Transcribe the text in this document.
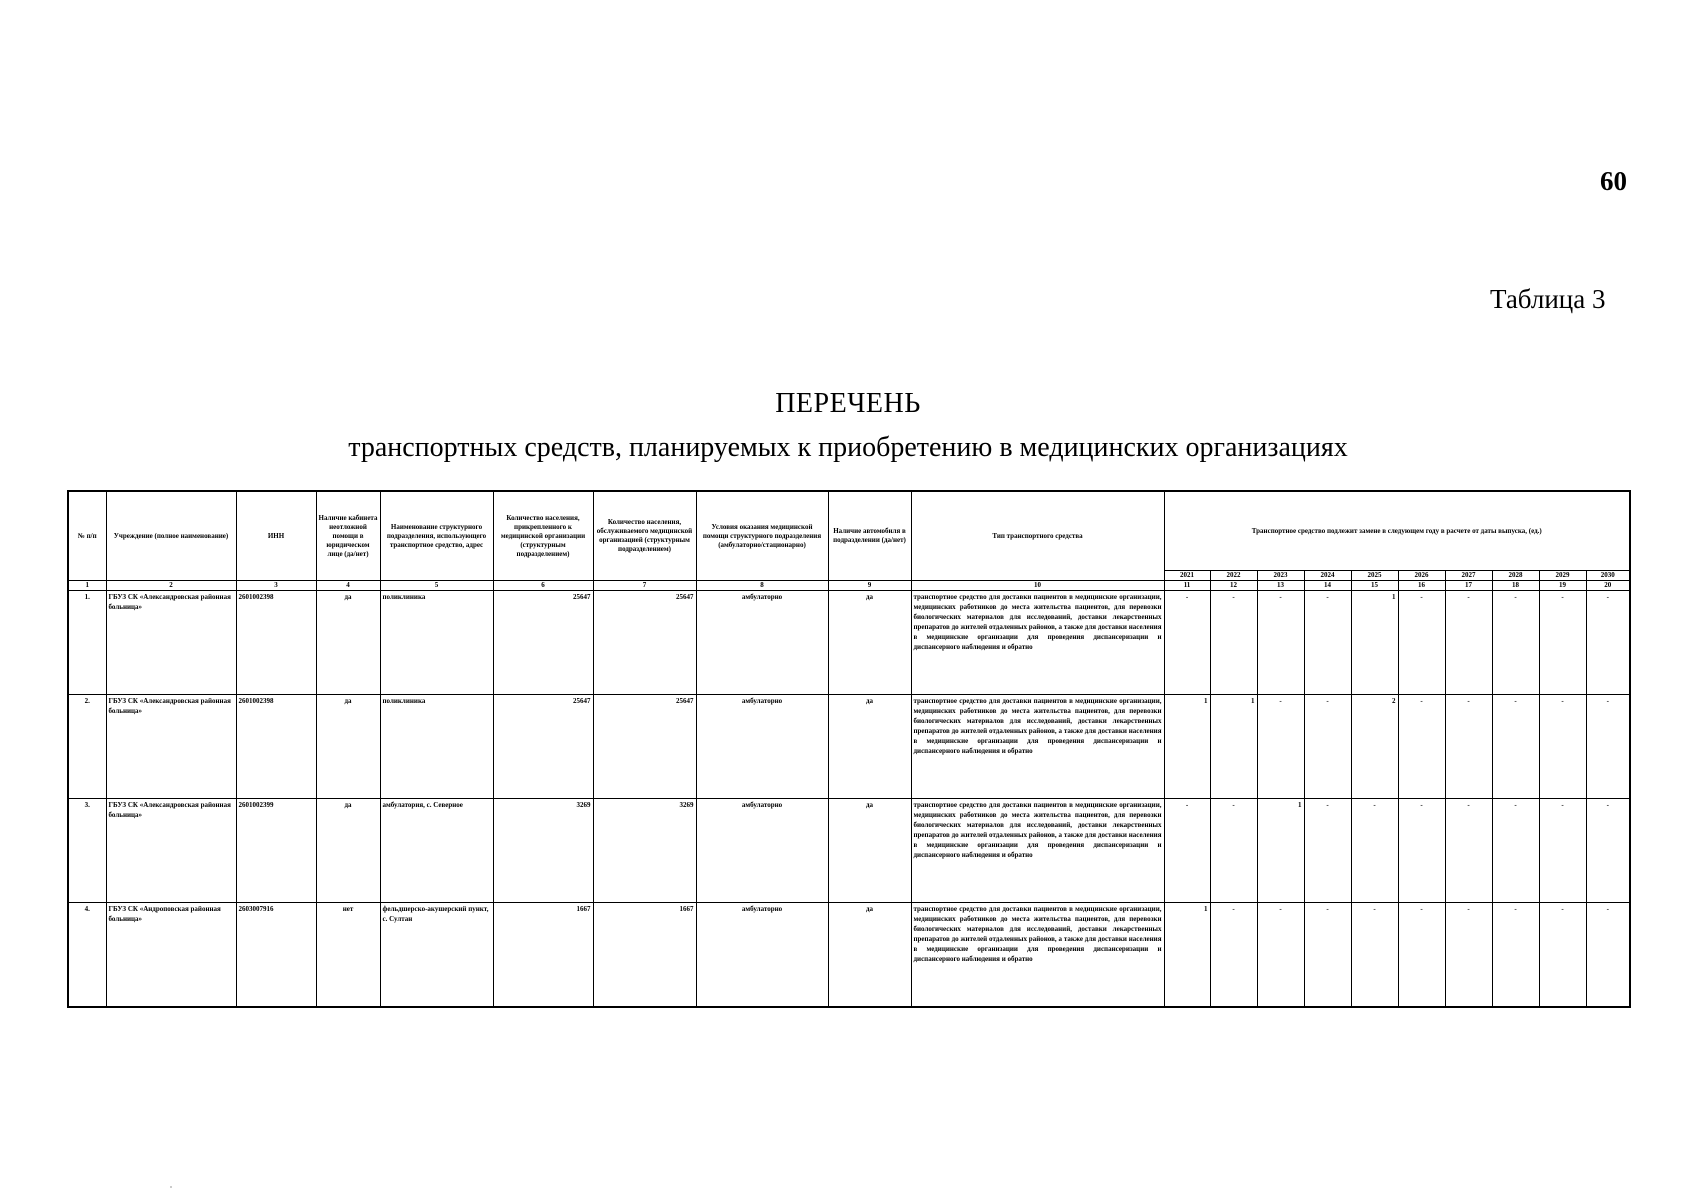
60
Таблица 3
ПЕРЕЧЕНЬ
транспортных средств, планируемых к приобретению в медицинских организациях
№ п/п	Учреждение (полное наименование)	ИНН	Наличие кабинета неотложной помощи в юридическом лице (да/нет)	Наименование структурного подразделения, использующего транспортное средство, адрес	Количество населения, прикрепленного к медицинской организации (структурным подразделением)	Количество населения, обслуживаемого медицинской организацией (структурным подразделением)	Условия оказания медицинской помощи структурного подразделения (амбулаторно/стационарно)	Наличие автомобиля в подразделении (да/нет)	Тип транспортного средства	Транспортное средство подлежит замене в следующем году в расчете от даты выпуска, (ед.)									
										2021	2022	2023	2024	2025	2026	2027	2028	2029	2030
1	2	3	4	5	6	7	8	9	10	11	12	13	14	15	16	17	18	19	20
1.	ГБУЗ СК «Александровская районная больница»	2601002398	да	поликлиника	25647	25647	амбулаторно	да	транспортное средство для доставки пациентов в медицинские организации, медицинских работников до места жительства пациентов, для перевозки биологических материалов для исследований, доставки лекарственных препаратов до жителей отдаленных районов, а также для доставки населения в медицинские организации для проведения диспансеризации и диспансерного наблюдения и обратно	-	-	-	-	1	-	-	-	-	-
2.	ГБУЗ СК «Александровская районная больница»	2601002398	да	поликлиника	25647	25647	амбулаторно	да	транспортное средство для доставки пациентов в медицинские организации, медицинских работников до места жительства пациентов, для перевозки биологических материалов для исследований, доставки лекарственных препаратов до жителей отдаленных районов, а также для доставки населения в медицинские организации для проведения диспансеризации и диспансерного наблюдения и обратно	1	1	-	-	2	-	-	-	-	-
3.	ГБУЗ СК «Александровская районная больница»	2601002399	да	амбулатория, с. Северное	3269	3269	амбулаторно	да	транспортное средство для доставки пациентов в медицинские организации, медицинских работников до места жительства пациентов, для перевозки биологических материалов для исследований, доставки лекарственных препаратов до жителей отдаленных районов, а также для доставки населения в медицинские организации для проведения диспансеризации и диспансерного наблюдения и обратно	-	-	1	-	-	-	-	-	-	-
4.	ГБУЗ СК «Андроповская районная больница»	2603007916	нет	фельдшерско-акушерский пункт, с. Султан	1667	1667	амбулаторно	да	транспортное средство для доставки пациентов в медицинские организации, медицинских работников до места жительства пациентов, для перевозки биологических материалов для исследований, доставки лекарственных препаратов до жителей отдаленных районов, а также для доставки населения в медицинские организации для проведения диспансеризации и диспансерного наблюдения и обратно	1	-	-	-	-	-	-	-	-	-
